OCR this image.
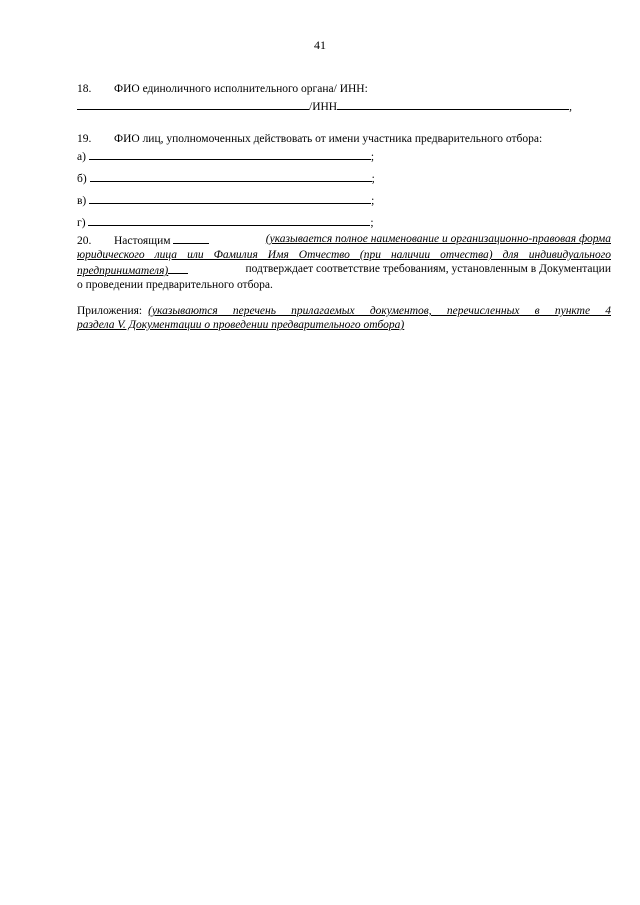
41
18. ФИО единоличного исполнительного органа/ ИНН:
/ИНН	,
19. ФИО лиц, уполномоченных действовать от имени участника предварительного отбора:
а)	;
б)	;
в)	;
г)	;
20. Настоящим	(указывается полное наименование и организационно-правовая форма
юридического лица или Фамилия Имя Отчество (при наличии отчества) для индивидуального
предпринимателя)	подтверждает соответствие требованиям, установленным в Документации
о проведении предварительного отбора.
Приложения: (указываются перечень прилагаемых документов, перечисленных в пункте 4
раздела V. Документации о проведении предварительного отбора)
